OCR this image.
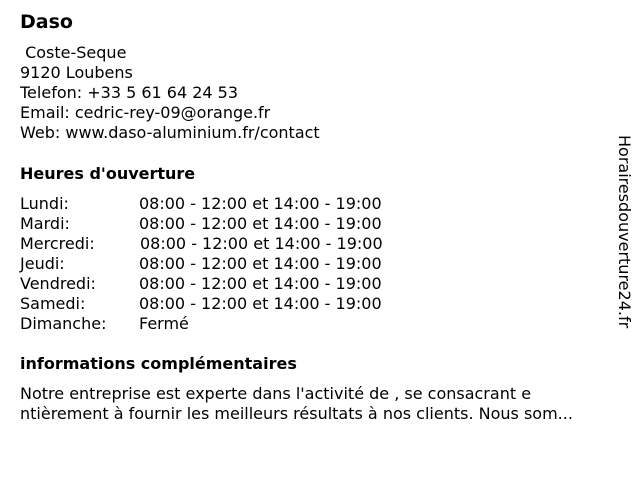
Daso
Coste-Seque
9120 Loubens
Telefon: +33 5 61 64 24 53
Email: cedric-rey-09@orange.fr
Web: www.daso-aluminium.fr/contact
Heures d'ouverture
Lundi:	08:00 - 12:00 et 14:00 - 19:00
Mardi:	08:00 - 12:00 et 14:00 - 19:00
Mercredi:	08:00 - 12:00 et 14:00 - 19:00
Jeudi:	08:00 - 12:00 et 14:00 - 19:00
Vendredi:	08:00 - 12:00 et 14:00 - 19:00
Samedi:	08:00 - 12:00 et 14:00 - 19:00
Dimanche: Fermé
informations complémentaires
Notre entreprise est experte dans l'activité de , se consacrant e
ntièrement à fournir les meilleurs résultats à nos clients. Nous som...
Horairesdouverture24.fr
